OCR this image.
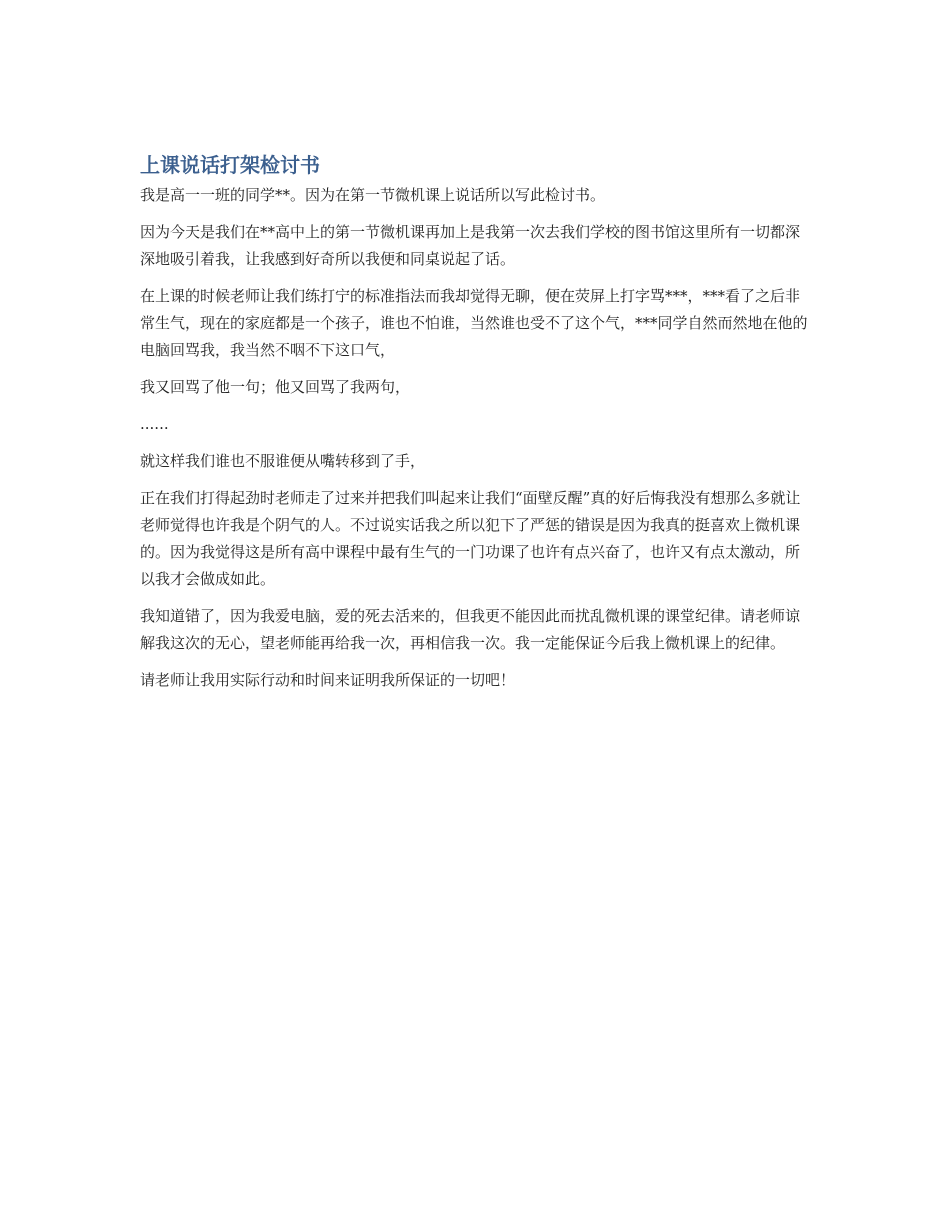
上课说话打架检讨书

我是高一一班的同学**。因为在第一节微机课上说话所以写此检讨书。

因为今天是我们在**高中上的第一节微机课再加上是我第一次去我们学校的图书馆这里所有一切都深深地吸引着我，让我感到好奇所以我便和同桌说起了话。

在上课的时候老师让我们练打宁的标准指法而我却觉得无聊，便在荧屏上打字骂***，***看了之后非常生气，现在的家庭都是一个孩子，谁也不怕谁，当然谁也受不了这个气，***同学自然而然地在他的电脑回骂我，我当然不咽不下这口气，

我又回骂了他一句；他又回骂了我两句，

......

就这样我们谁也不服谁便从嘴转移到了手，

正在我们打得起劲时老师走了过来并把我们叫起来让我们“面壁反醒”真的好后悔我没有想那么多就让老师觉得也许我是个阴气的人。不过说实话我之所以犯下了严惩的错误是因为我真的挺喜欢上微机课的。因为我觉得这是所有高中课程中最有生气的一门功课了也许有点兴奋了，也许又有点太激动，所以我才会做成如此。

我知道错了，因为我爱电脑，爱的死去活来的，但我更不能因此而扰乱微机课的课堂纪律。请老师谅解我这次的无心，望老师能再给我一次，再相信我一次。我一定能保证今后我上微机课上的纪律。

请老师让我用实际行动和时间来证明我所保证的一切吧！
